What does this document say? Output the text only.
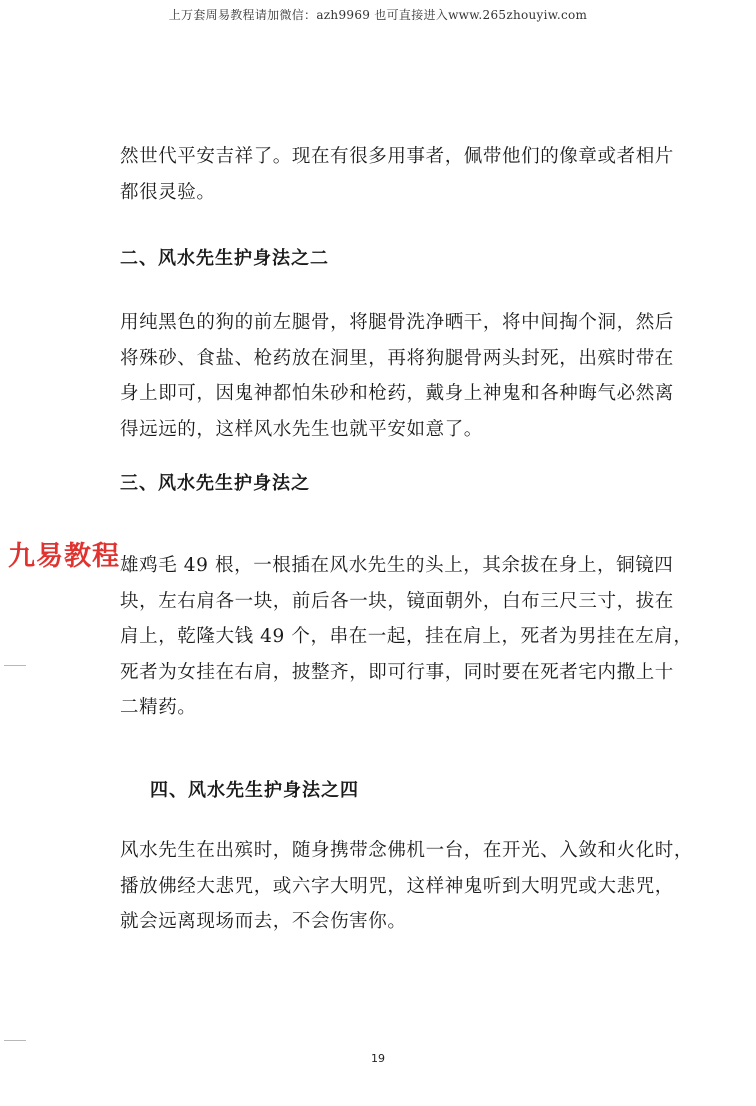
上万套周易教程请加微信：azh9969 也可直接进入www.265zhouyiw.com

然世代平安吉祥了。现在有很多用事者，佩带他们的像章或者相片
都很灵验。

二、风水先生护身法之二

用纯黑色的狗的前左腿骨，将腿骨洗净晒干，将中间掏个洞，然后
将殊砂、食盐、枪药放在洞里，再将狗腿骨两头封死，出殡时带在
身上即可，因鬼神都怕朱砂和枪药，戴身上神鬼和各种晦气必然离
得远远的，这样风水先生也就平安如意了。

三、风水先生护身法之

雄鸡毛 49 根，一根插在风水先生的头上，其余拔在身上，铜镜四
块，左右肩各一块，前后各一块，镜面朝外，白布三尺三寸，拔在
肩上，乾隆大钱 49 个，串在一起，挂在肩上，死者为男挂在左肩，
死者为女挂在右肩，披整齐，即可行事，同时要在死者宅内撒上十
二精药。

四、风水先生护身法之四

风水先生在出殡时，随身携带念佛机一台，在开光、入敛和火化时，
播放佛经大悲咒，或六字大明咒，这样神鬼听到大明咒或大悲咒，
就会远离现场而去，不会伤害你。

九易教程
19
